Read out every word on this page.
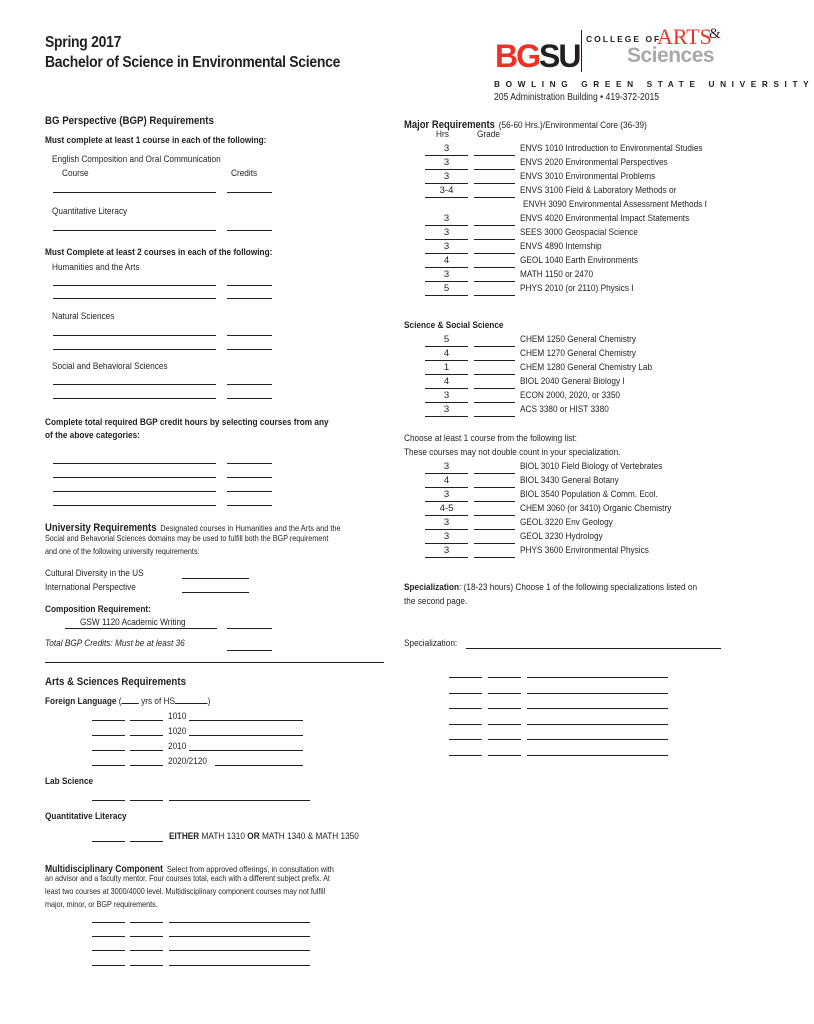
Spring 2017
Bachelor of Science in Environmental Science	BGSU COLLEGE OF
ARTS
&
Sciences
BOWLING GREEN STATE UNIVERSITY
205 Administration Building • 419-372-2015
BG Perspective (BGP) Requirements
Must complete at least 1 course in each of the following:
English Composition and Oral Communication
Course	Credits
Quantitative Literacy
Must Complete at least 2 courses in each of the following:
Humanities and the Arts
Natural Sciences
Social and Behavioral Sciences
Complete total required BGP credit hours by selecting courses from any
of the above categories:
University Requirements Designated courses in Humanities and the Arts and the
Social and Behavorial Sciences domains may be used to fulfill both the BGP requirement
and one of the following university requirements:
Cultural Diversity in the US
International Perspective
Composition Requirement:
GSW 1120 Academic Writing
Total BGP Credits: Must be at least 36
Arts & Sciences Requirements
Foreign Language ( yrs of HS	)
1010
1020
2010
2020/2120
Lab Science
Quantitative Literacy
EITHER MATH 1310 OR MATH 1340 & MATH 1350
Multidisciplinary Component Select from approved offerings, in consultation with
an advisor and a faculty mentor. Four courses total, each with a different subject prefix. At
least two courses at 3000/4000 level. Multidisciplinary component courses may not fulfill
major, minor, or BGP requirements.
Major Requirements (56-60 Hrs.)/Environmental Core (36-39)
Hrs	Grade
3	ENVS 1010 Introduction to Environmental Studies
3	ENVS 2020 Environmental Perspectives
3	ENVS 3010 Environmental Problems
3-4	ENVS 3100 Field & Laboratory Methods or
ENVH 3090 Environmental Assessment Methods I
3	ENVS 4020 Environmental Impact Statements
3	SEES 3000 Geospacial Science
3	ENVS 4890 Internship
4	GEOL 1040 Earth Environments
3	MATH 1150 or 2470
5	PHYS 2010 (or 2110) Physics I
Science & Social Science
5	CHEM 1250 General Chemistry
4	CHEM 1270 General Chemistry
1	CHEM 1280 General Chemistry Lab
4	BIOL 2040 General Biology I
3	ECON 2000, 2020, or 3350
3	ACS 3380 or HIST 3380
Choose at least 1 course from the following list:
These courses may not double count in your specialization.
3	BIOL 3010 Field Biology of Vertebrates
4	BIOL 3430 General Botany
3	BIOL 3540 Population & Comm. Ecol.
4-5	CHEM 3060 (or 3410) Organic Chemistry
3	GEOL 3220 Env Geology
3	GEOL 3230 Hydrology
3	PHYS 3600 Environmental Physics
Specialization: (18-23 hours) Choose 1 of the following specializations listed on
the second page.
Specialization:
